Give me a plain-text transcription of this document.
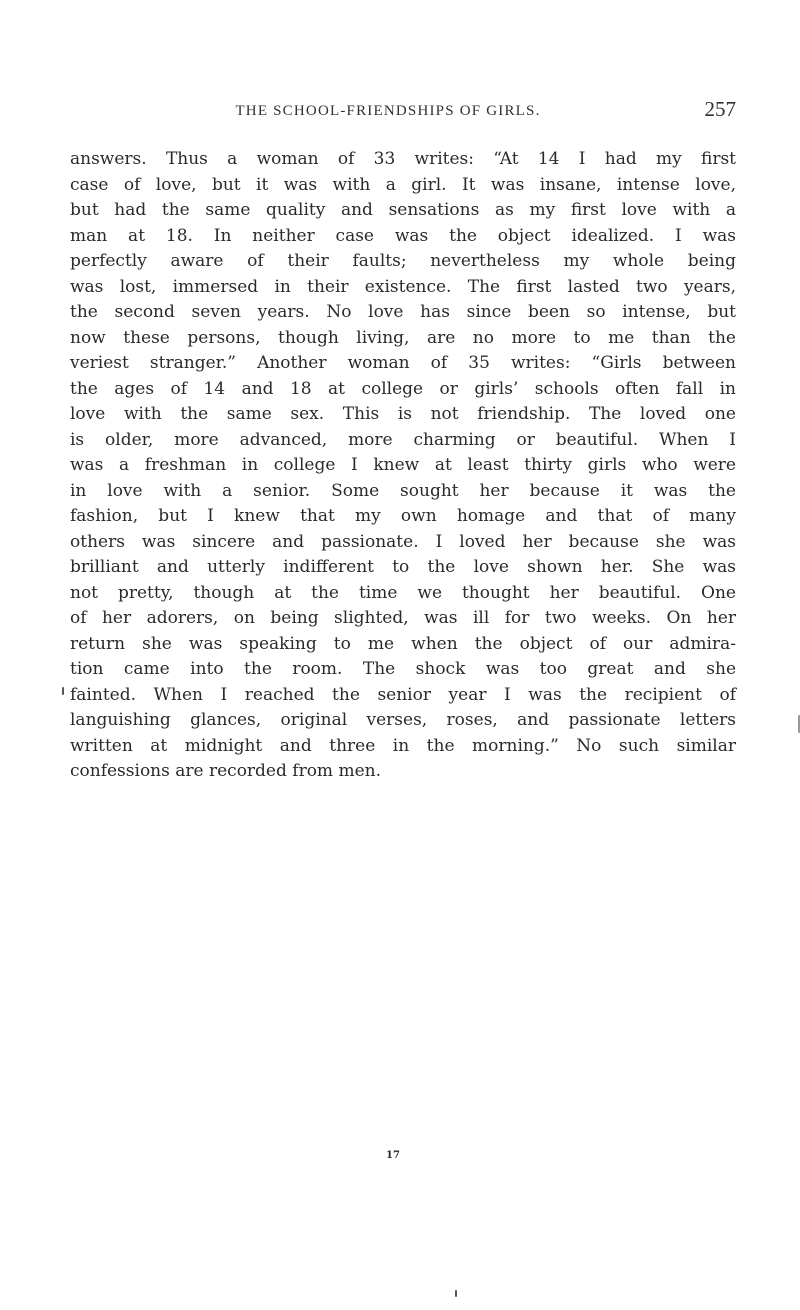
THE SCHOOL-FRIENDSHIPS OF GIRLS.	257
answers. Thus a woman of 33 writes: “At 14 I had my first
case of love, but it was with a girl. It was insane, intense love,
but had the same quality and sensations as my first love with a
man at 18. In neither case was the object idealized. I was
perfectly aware of their faults; nevertheless my whole being
was lost, immersed in their existence. The first lasted two years,
the second seven years. No love has since been so intense, but
now these persons, though living, are no more to me than the
veriest stranger.” Another woman of 35 writes: “Girls between
the ages of 14 and 18 at college or girls’ schools often fall in
love with the same sex. This is not friendship. The loved one
is older, more advanced, more charming or beautiful. When I
was a freshman in college I knew at least thirty girls who were
in love with a senior. Some sought her because it was the
fashion, but I knew that my own homage and that of many
others was sincere and passionate. I loved her because she was
brilliant and utterly indifferent to the love shown her. She was
not pretty, though at the time we thought her beautiful. One
of her adorers, on being slighted, was ill for two weeks. On her
return she was speaking to me when the object of our admira-
tion came into the room. The shock was too great and she
fainted. When I reached the senior year I was the recipient of
languishing glances, original verses, roses, and passionate letters
written at midnight and three in the morning.” No such similar
confessions are recorded from men.
17
